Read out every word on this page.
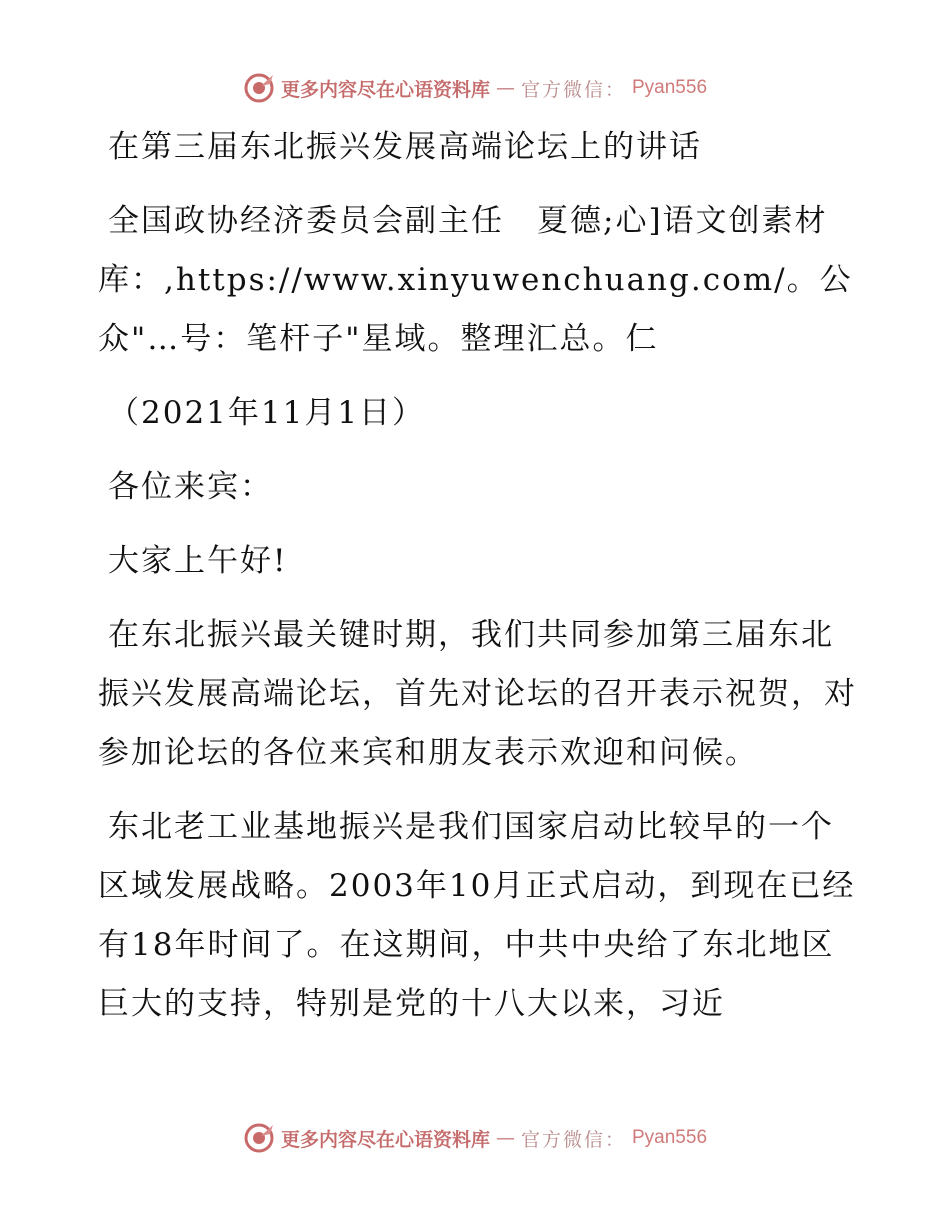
更多内容尽在心语资料库 — 官方微信： Pyan556

在第三届东北振兴发展高端论坛上的讲话

全国政协经济委员会副主任　夏德;心]语文创素材库：,https://www.xinyuwenchuang.com/。公众"…号：笔杆子"星域。整理汇总。仁

（2021年11月1日）

各位来宾：

大家上午好!

在东北振兴最关键时期，我们共同参加第三届东北振兴发展高端论坛，首先对论坛的召开表示祝贺，对参加论坛的各位来宾和朋友表示欢迎和问候。

东北老工业基地振兴是我们国家启动比较早的一个区域发展战略。2003年10月正式启动，到现在已经有18年时间了。在这期间，中共中央给了东北地区巨大的支持，特别是党的十八大以来，习近

更多内容尽在心语资料库 — 官方微信： Pyan556
